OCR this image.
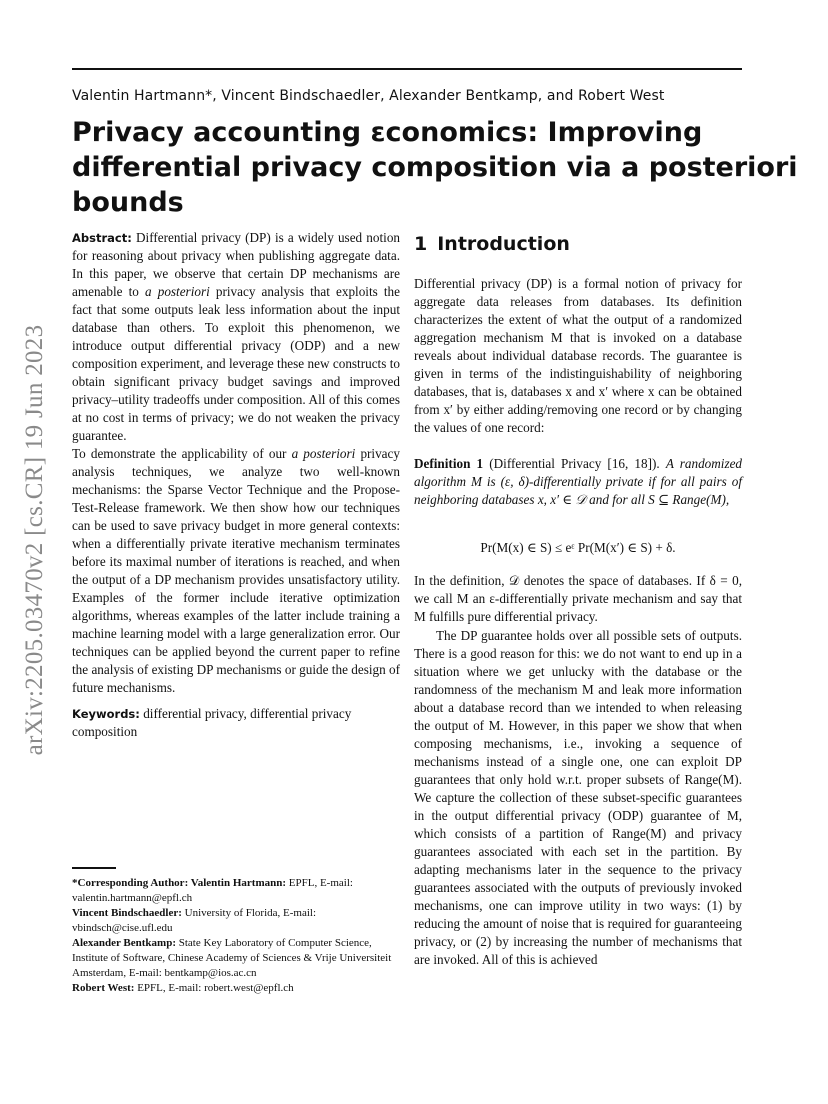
Valentin Hartmann*, Vincent Bindschaedler, Alexander Bentkamp, and Robert West
Privacy accounting εconomics: Improving
differential privacy composition via a posteriori
bounds
arXiv:2205.03470v2 [cs.CR] 19 Jun 2023

Abstract: Differential privacy (DP) is a widely used notion for reasoning about privacy when publishing aggregate data. In this paper, we observe that certain DP mechanisms are amenable to a posteriori privacy analysis that exploits the fact that some outputs leak less information about the input database than others. To exploit this phenomenon, we introduce output differential privacy (ODP) and a new composition experiment, and leverage these new constructs to obtain significant privacy budget savings and improved privacy–utility tradeoffs under composition. All of this comes at no cost in terms of privacy; we do not weaken the privacy guarantee.

To demonstrate the applicability of our a posteriori privacy analysis techniques, we analyze two well-known mechanisms: the Sparse Vector Technique and the Propose-Test-Release framework. We then show how our techniques can be used to save privacy budget in more general contexts: when a differentially private iterative mechanism terminates before its maximal number of iterations is reached, and when the output of a DP mechanism provides unsatisfactory utility. Examples of the former include iterative optimization algorithms, whereas examples of the latter include training a machine learning model with a large generalization error. Our techniques can be applied beyond the current paper to refine the analysis of existing DP mechanisms or guide the design of future mechanisms.

Keywords: differential privacy, differential privacy composition

*Corresponding Author: Valentin Hartmann: EPFL, E-mail: valentin.hartmann@epfl.ch

Vincent Bindschaedler: University of Florida, E-mail: vbindsch@cise.ufl.edu

Alexander Bentkamp: State Key Laboratory of Computer Science, Institute of Software, Chinese Academy of Sciences & Vrije Universiteit Amsterdam, E-mail: bentkamp@ios.ac.cn

Robert West: EPFL, E-mail: robert.west@epfl.ch

1 Introduction

Differential privacy (DP) is a formal notion of privacy for aggregate data releases from databases. Its definition characterizes the extent of what the output of a randomized aggregation mechanism M that is invoked on a database reveals about individual database records. The guarantee is given in terms of the indistinguishability of neighboring databases, that is, databases x and x′ where x can be obtained from x′ by either adding/removing one record or by changing the values of one record:

Definition 1 (Differential Privacy [16, 18]). A randomized algorithm M is (ε, δ)-differentially private if for all pairs of neighboring databases x, x′ ∈ 𝒟 and for all S ⊆ Range(M),

Pr(M(x) ∈ S) ≤ eᵋ Pr(M(x′) ∈ S) + δ.

In the definition, 𝒟 denotes the space of databases. If δ = 0, we call M an ε-differentially private mechanism and say that M fulfills pure differential privacy.

The DP guarantee holds over all possible sets of outputs. There is a good reason for this: we do not want to end up in a situation where we get unlucky with the database or the randomness of the mechanism M and leak more information about a database record than we intended to when releasing the output of M. However, in this paper we show that when composing mechanisms, i.e., invoking a sequence of mechanisms instead of a single one, one can exploit DP guarantees that only hold w.r.t. proper subsets of Range(M). We capture the collection of these subset-specific guarantees in the output differential privacy (ODP) guarantee of M, which consists of a partition of Range(M) and privacy guarantees associated with each set in the partition. By adapting mechanisms later in the sequence to the privacy guarantees associated with the outputs of previously invoked mechanisms, one can improve utility in two ways: (1) by reducing the amount of noise that is required for guaranteeing privacy, or (2) by increasing the number of mechanisms that are invoked. All of this is achieved
